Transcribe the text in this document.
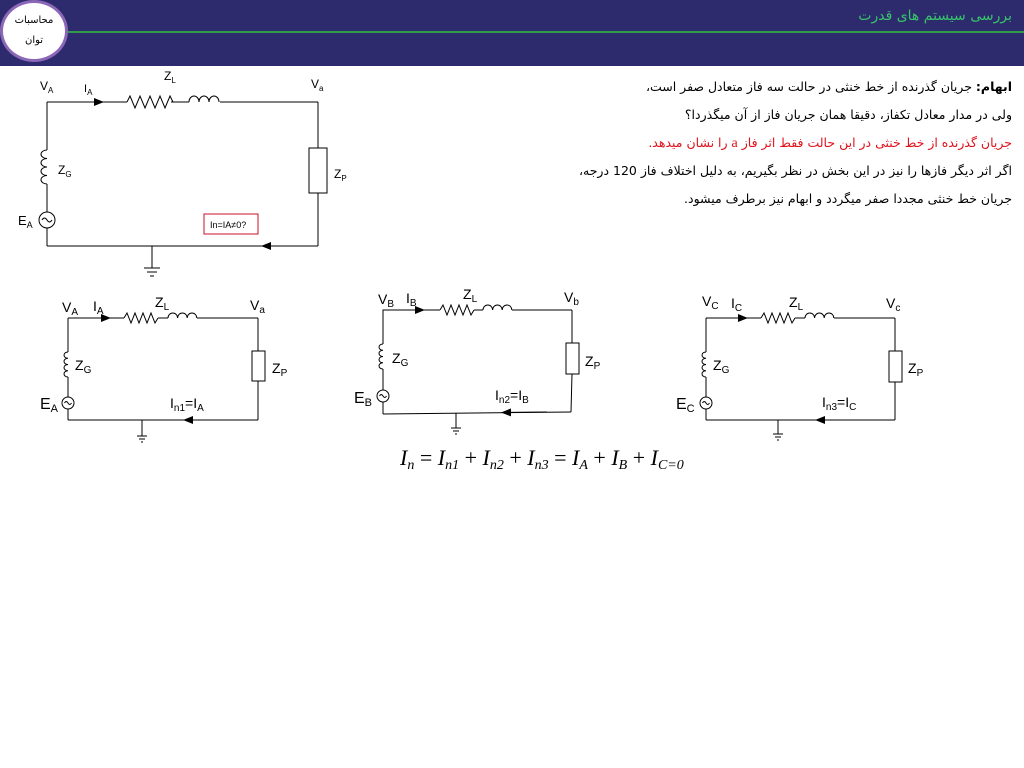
بررسی سیستم های قدرت
محاسبات
توان

ابهام: جریان گذرنده از خط خنثی در حالت سه فاز متعادل صفر است،

ولی در مدار معادل تکفاز، دقیقا همان جریان فاز از آن میگذردا؟

جریان گذرنده از خط خنثی در این حالت فقط اثر فاز a را نشان میدهد.

اگر اثر دیگر فازها را نیز در این بخش در نظر بگیریم، به دلیل اختلاف فاز 120 درجه،

جریان خط خنثی مجددا صفر میگردد و ابهام نیز برطرف میشود.

$V_A$	$I_A$
$Z_L$	$V_a$
$Z_G$
$E_A$
$Z_P$
In=IA≠0?
$V_A$ $I_A$
$Z_L$	$V_a$
$Z_G$
EA
$Z_P$
$I_{n1}=I_A$
$V_B$ $I_B$
$Z_L$	$V_b$
$Z_G$
EB
$Z_P$
$I_{n2}=I_B$
$V_C$ $I_C$	$Z_L$	$V_c$
$Z_G$
EC
$Z_P$
$I_{n3}=I_C$
In = In1 + In2 + In3 = IA + IB + IC=0
